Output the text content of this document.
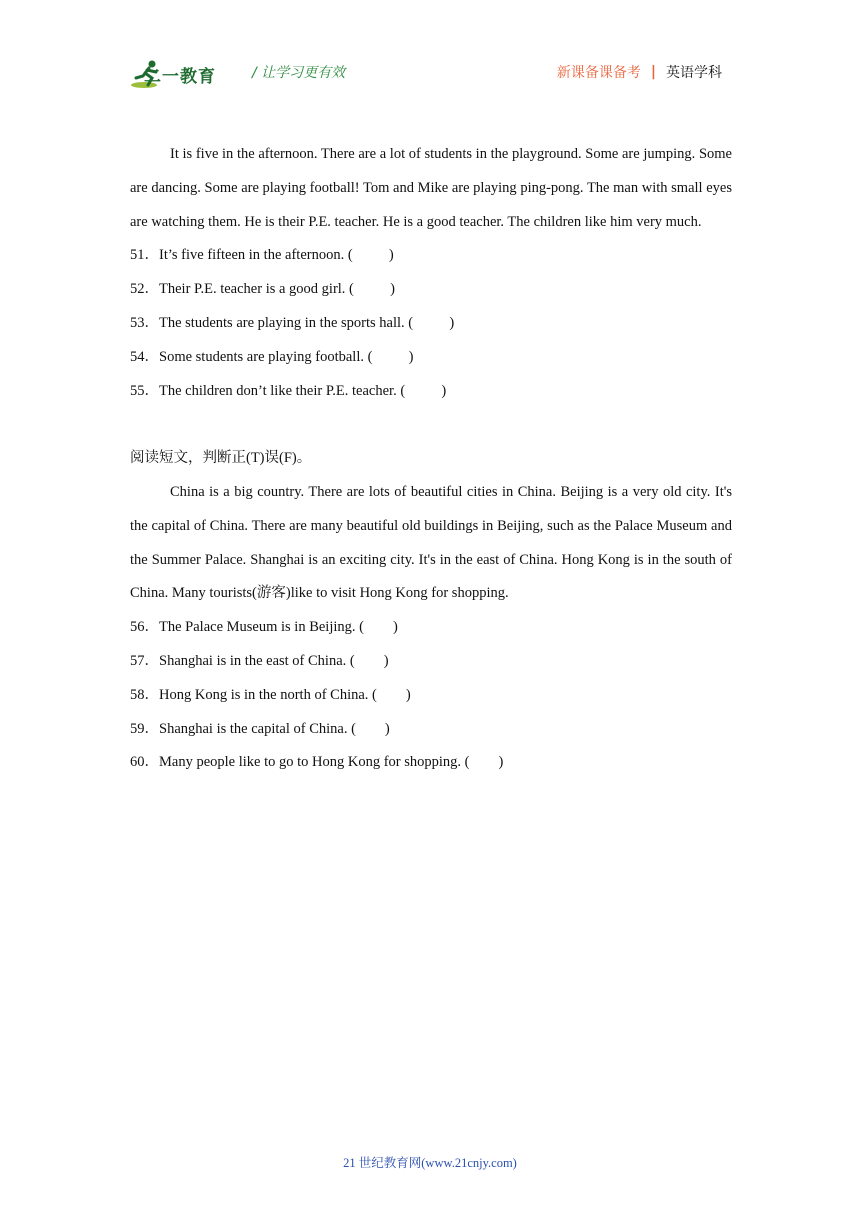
二一教育	/ 让学习更有效	新课备课备考 | 英语学科

It is five in the afternoon. There are a lot of students in the playground. Some are jumping. Some are dancing. Some are playing football! Tom and Mike are playing ping-pong. The man with small eyes are watching them. He is their P.E. teacher. He is a good teacher. The children like him very much.

51．It’s five fifteen in the afternoon. (          )

52．Their P.E. teacher is a good girl. (          )

53．The students are playing in the sports hall. (          )

54．Some students are playing football. (          )

55．The children don’t like their P.E. teacher. (          )

阅读短文，判断正(T)误(F)。

China is a big country. There are lots of beautiful cities in China. Beijing is a very old city. It's the capital of China. There are many beautiful old buildings in Beijing, such as the Palace Museum and the Summer Palace. Shanghai is an exciting city. It's in the east of China. Hong Kong is in the south of China. Many tourists(游客)like to visit Hong Kong for shopping.

56．The Palace Museum is in Beijing. (        )

57．Shanghai is in the east of China. (        )

58．Hong Kong is in the north of China. (        )

59．Shanghai is the capital of China. (        )

60．Many people like to go to Hong Kong for shopping. (        )

21 世纪教育网(www.21cnjy.com)
